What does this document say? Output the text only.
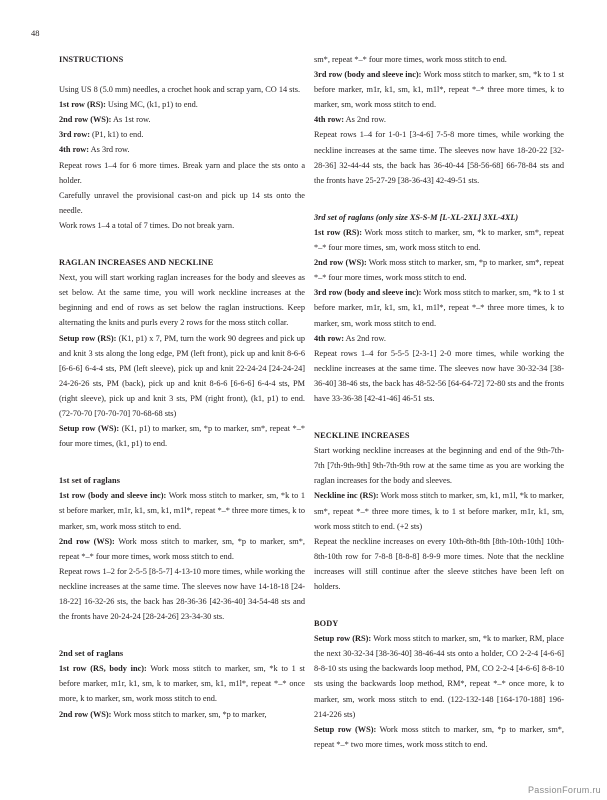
48

INSTRUCTIONS

Using US 8 (5.0 mm) needles, a crochet hook and scrap yarn, CO 14 sts.

1st row (RS): Using MC, (k1, p1) to end.

2nd row (WS): As 1st row.

3rd row: (P1, k1) to end.

4th row: As 3rd row.

Repeat rows 1–4 for 6 more times. Break yarn and place the sts onto a holder.

Carefully unravel the provisional cast-on and pick up 14 sts onto the needle.

Work rows 1–4 a total of 7 times. Do not break yarn.

RAGLAN INCREASES AND NECKLINE

Next, you will start working raglan increases for the body and sleeves as set below. At the same time, you will work neckline increases at the beginning and end of rows as set below the raglan instructions. Keep alternating the knits and purls every 2 rows for the moss stitch collar.

Setup row (RS): (K1, p1) x 7, PM, turn the work 90 degrees and pick up and knit 3 sts along the long edge, PM (left front), pick up and knit 8-6-6 [6-6-6] 6-4-4 sts, PM (left sleeve), pick up and knit 22-24-24 [24-24-24] 24-26-26 sts, PM (back), pick up and knit 8-6-6 [6-6-6] 6-4-4 sts, PM (right sleeve), pick up and knit 3 sts, PM (right front), (k1, p1) to end. (72-70-70 [70-70-70] 70-68-68 sts)

Setup row (WS): (K1, p1) to marker, sm, *p to marker, sm*, repeat *–* four more times, (k1, p1) to end.

1st set of raglans

1st row (body and sleeve inc): Work moss stitch to marker, sm, *k to 1 st before marker, m1r, k1, sm, k1, m1l*, repeat *–* three more times, k to marker, sm, work moss stitch to end.

2nd row (WS): Work moss stitch to marker, sm, *p to marker, sm*, repeat *–* four more times, work moss stitch to end.

Repeat rows 1–2 for 2-5-5 [8-5-7] 4-13-10 more times, while working the neckline increases at the same time. The sleeves now have 14-18-18 [24-18-22] 16-32-26 sts, the back has 28-36-36 [42-36-40] 34-54-48 sts and the fronts have 20-24-24 [28-24-26] 23-34-30 sts.

2nd set of raglans

1st row (RS, body inc): Work moss stitch to marker, sm, *k to 1 st before marker, m1r, k1, sm, k to marker, sm, k1, m1l*, repeat *–* once more, k to marker, sm, work moss stitch to end.

2nd row (WS): Work moss stitch to marker, sm, *p to marker,

sm*, repeat *–* four more times, work moss stitch to end.

3rd row (body and sleeve inc): Work moss stitch to marker, sm, *k to 1 st before marker, m1r, k1, sm, k1, m1l*, repeat *–* three more times, k to marker, sm, work moss stitch to end.

4th row: As 2nd row.

Repeat rows 1–4 for 1-0-1 [3-4-6] 7-5-8 more times, while working the neckline increases at the same time. The sleeves now have 18-20-22 [32-28-36] 32-44-44 sts, the back has 36-40-44 [58-56-68] 66-78-84 sts and the fronts have 25-27-29 [38-36-43] 42-49-51 sts.

3rd set of raglans (only size XS-S-M [L-XL-2XL] 3XL-4XL)

1st row (RS): Work moss stitch to marker, sm, *k to marker, sm*, repeat *–* four more times, sm, work moss stitch to end.

2nd row (WS): Work moss stitch to marker, sm, *p to marker, sm*, repeat *–* four more times, work moss stitch to end.

3rd row (body and sleeve inc): Work moss stitch to marker, sm, *k to 1 st before marker, m1r, k1, sm, k1, m1l*, repeat *–* three more times, k to marker, sm, work moss stitch to end.

4th row: As 2nd row.

Repeat rows 1–4 for 5-5-5 [2-3-1] 2-0 more times, while working the neckline increases at the same time. The sleeves now have 30-32-34 [38-36-40] 38-46 sts, the back has 48-52-56 [64-64-72] 72-80 sts and the fronts have 33-36-38 [42-41-46] 46-51 sts.

NECKLINE INCREASES

Start working neckline increases at the beginning and end of the 9th-7th-7th [7th-9th-9th] 9th-7th-9th row at the same time as you are working the raglan increases for the body and sleeves.

Neckline inc (RS): Work moss stitch to marker, sm, k1, m1l, *k to marker, sm*, repeat *–* three more times, k to 1 st before marker, m1r, k1, sm, work moss stitch to end. (+2 sts)

Repeat the neckline increases on every 10th-8th-8th [8th-10th-10th] 10th-8th-10th row for 7-8-8 [8-8-8] 8-9-9 more times. Note that the neckline increases will still continue after the sleeve stitches have been left on holders.

BODY

Setup row (RS): Work moss stitch to marker, sm, *k to marker, RM, place the next 30-32-34 [38-36-40] 38-46-44 sts onto a holder, CO 2-2-4 [4-6-6] 8-8-10 sts using the backwards loop method, PM, CO 2-2-4 [4-6-6] 8-8-10 sts using the backwards loop method, RM*, repeat *–* once more, k to marker, sm, work moss stitch to end. (122-132-148 [164-170-188] 196-214-226 sts)

Setup row (WS): Work moss stitch to marker, sm, *p to marker, sm*, repeat *–* two more times, work moss stitch to end.

PassionForum.ru
